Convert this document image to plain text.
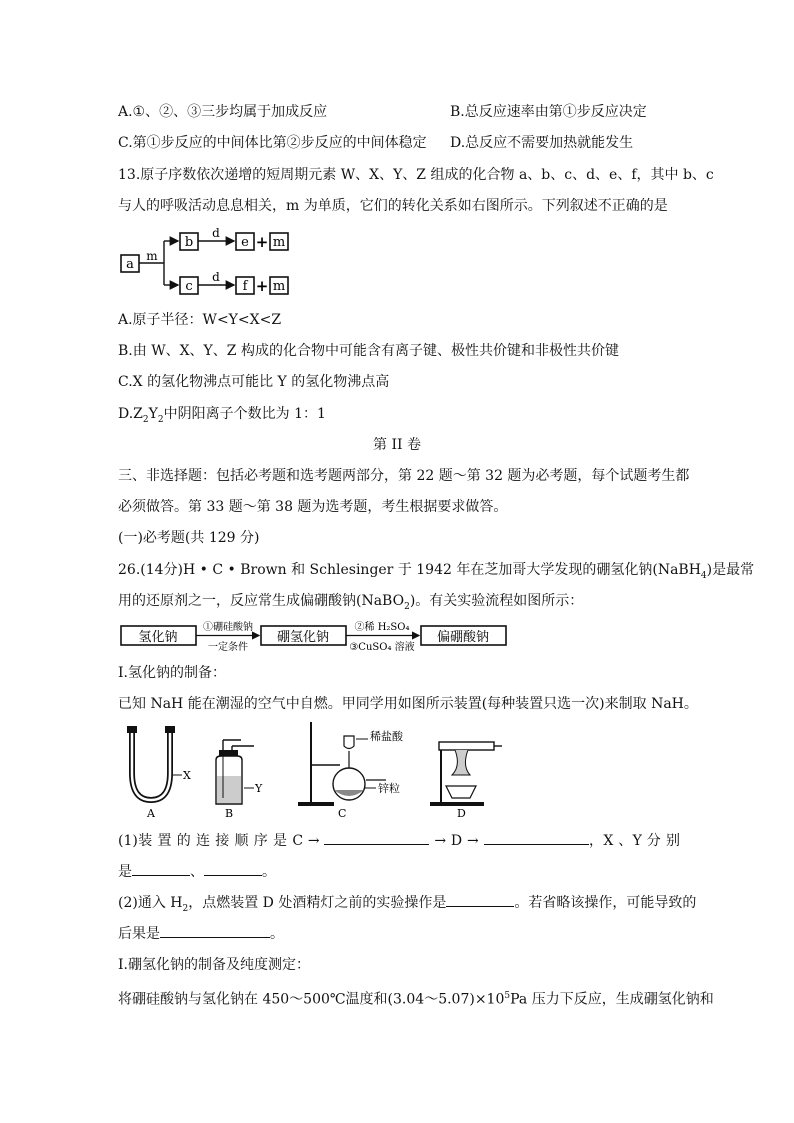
A.①、②、③三步均属于加成反应	B.总反应速率由第①步反应决定
C.第①步反应的中间体比第②步反应的中间体稳定 D.总反应不需要加热就能发生
13.原子序数依次递增的短周期元素 W、X、Y、Z 组成的化合物 a、b、c、d、e、f，其中 b、c
与人的呼吸活动息息相关，m 为单质，它们的转化关系如右图所示。下列叙述不正确的是
a
m
b
c
d
d
e + m
f + m
A.原子半径：W<Y<X<Z
B.由 W、X、Y、Z 构成的化合物中可能含有离子键、极性共价键和非极性共价键
C.X 的氢化物沸点可能比 Y 的氢化物沸点高
$D.Z_2Y_2$中阴阳离子个数比为 1：1
第 II 卷
三、非选择题：包括必考题和选考题两部分，第 22 题～第 32 题为必考题，每个试题考生都
必须做答。第 33 题～第 38 题为选考题，考生根据要求做答。
(一)必考题(共 129 分)
26.(14分)H • C • Brown 和 Schlesinger 于 1942 年在芝加哥大学发现的硼氢化钠(NaBH$_4$)是最常
用的还原剂之一，反应常生成偏硼酸钠(NaBO$_2$)。有关实验流程如图所示：
氢化钠
①硼硅酸钠
一定条件
硼氢化钠
②稀 H₂SO₄
③CuSO₄ 溶液
偏硼酸钠
I.氢化钠的制备：
已知 NaH 能在潮湿的空气中自燃。甲同学用如图所示装置(每种装置只选一次)来制取 NaH。
X
A
Y
B
稀盐酸
锌粒
C	D
(1)装 置 的 连 接 顺 序 是 C →	→ D →	，X 、Y 分 别
是	、	。
(2)通入 $H_2$，点燃装置 D 处酒精灯之前的实验操作是	。若省略该操作，可能导致的
后果是	。
I.硼氢化钠的制备及纯度测定：
将硼硅酸钠与氢化钠在 450～500℃温度和$(3.04\sim 5.07)\times 10^5Pa$ 压力下反应，生成硼氢化钠和
